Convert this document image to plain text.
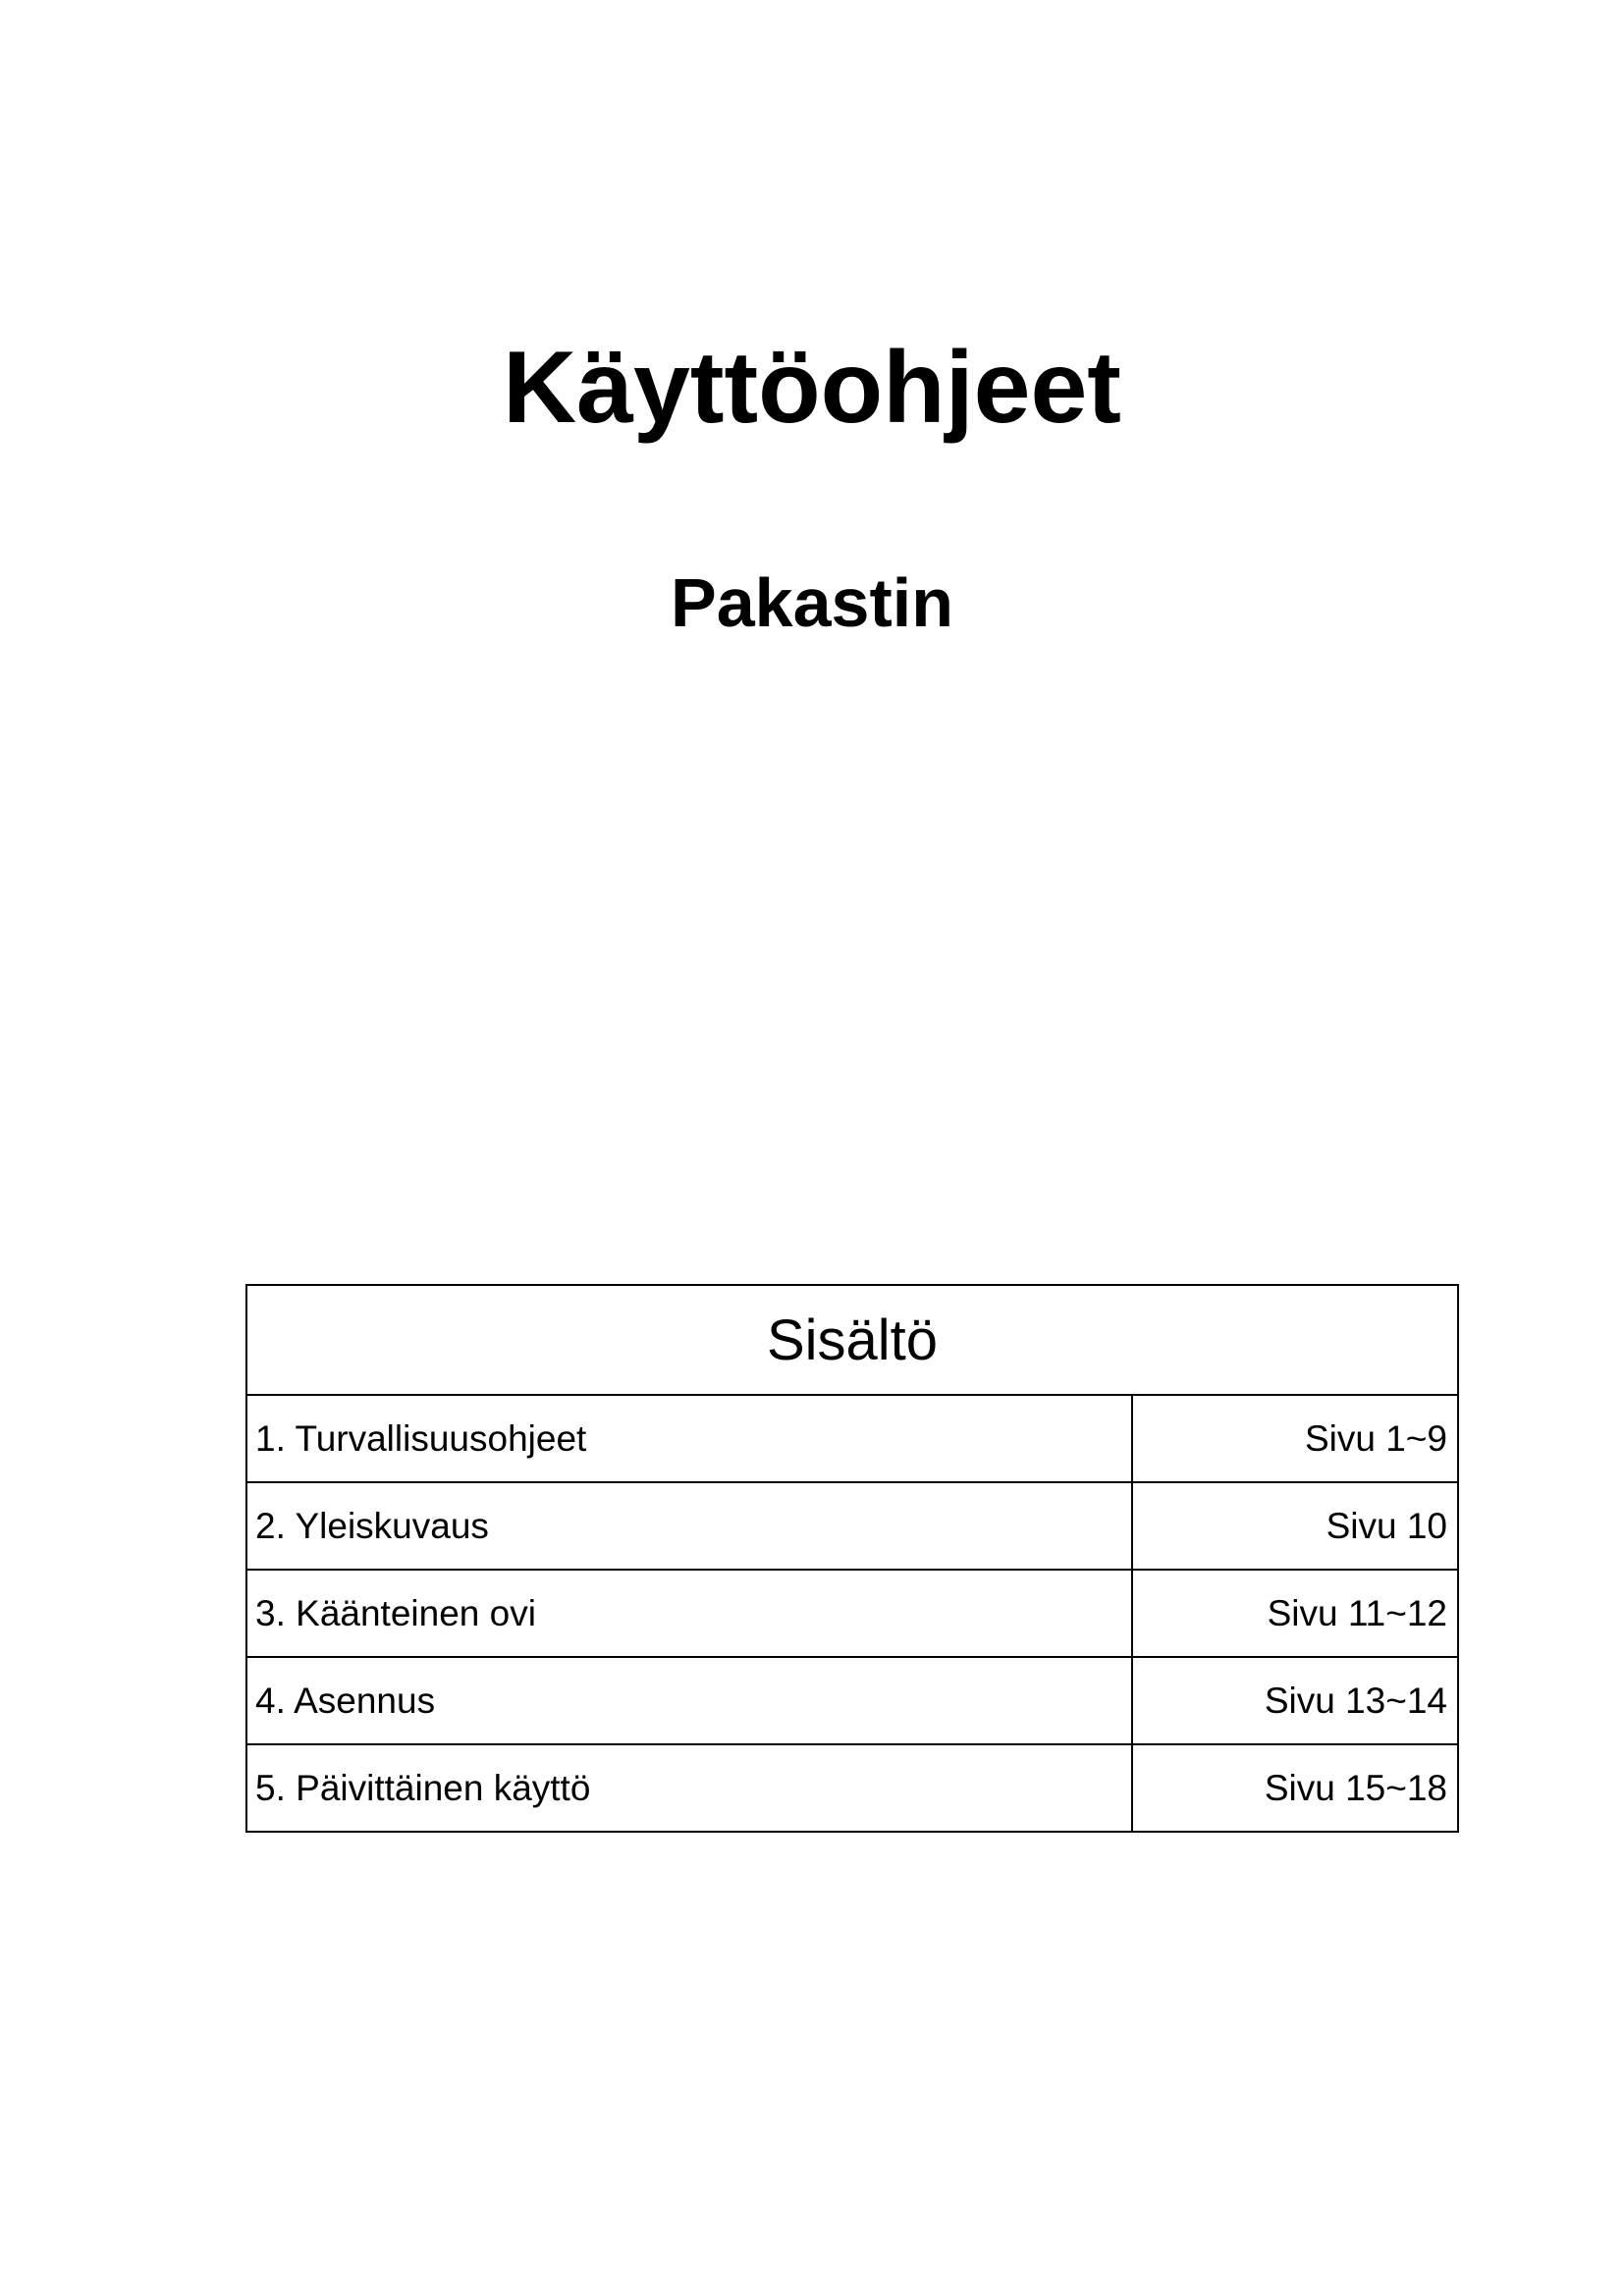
Käyttöohjeet
Pakastin
Sisältö	
1. Turvallisuusohjeet	Sivu 1~9
2. Yleiskuvaus	Sivu 10
3. Käänteinen ovi	Sivu 11~12
4. Asennus	Sivu 13~14
5. Päivittäinen käyttö	Sivu 15~18
